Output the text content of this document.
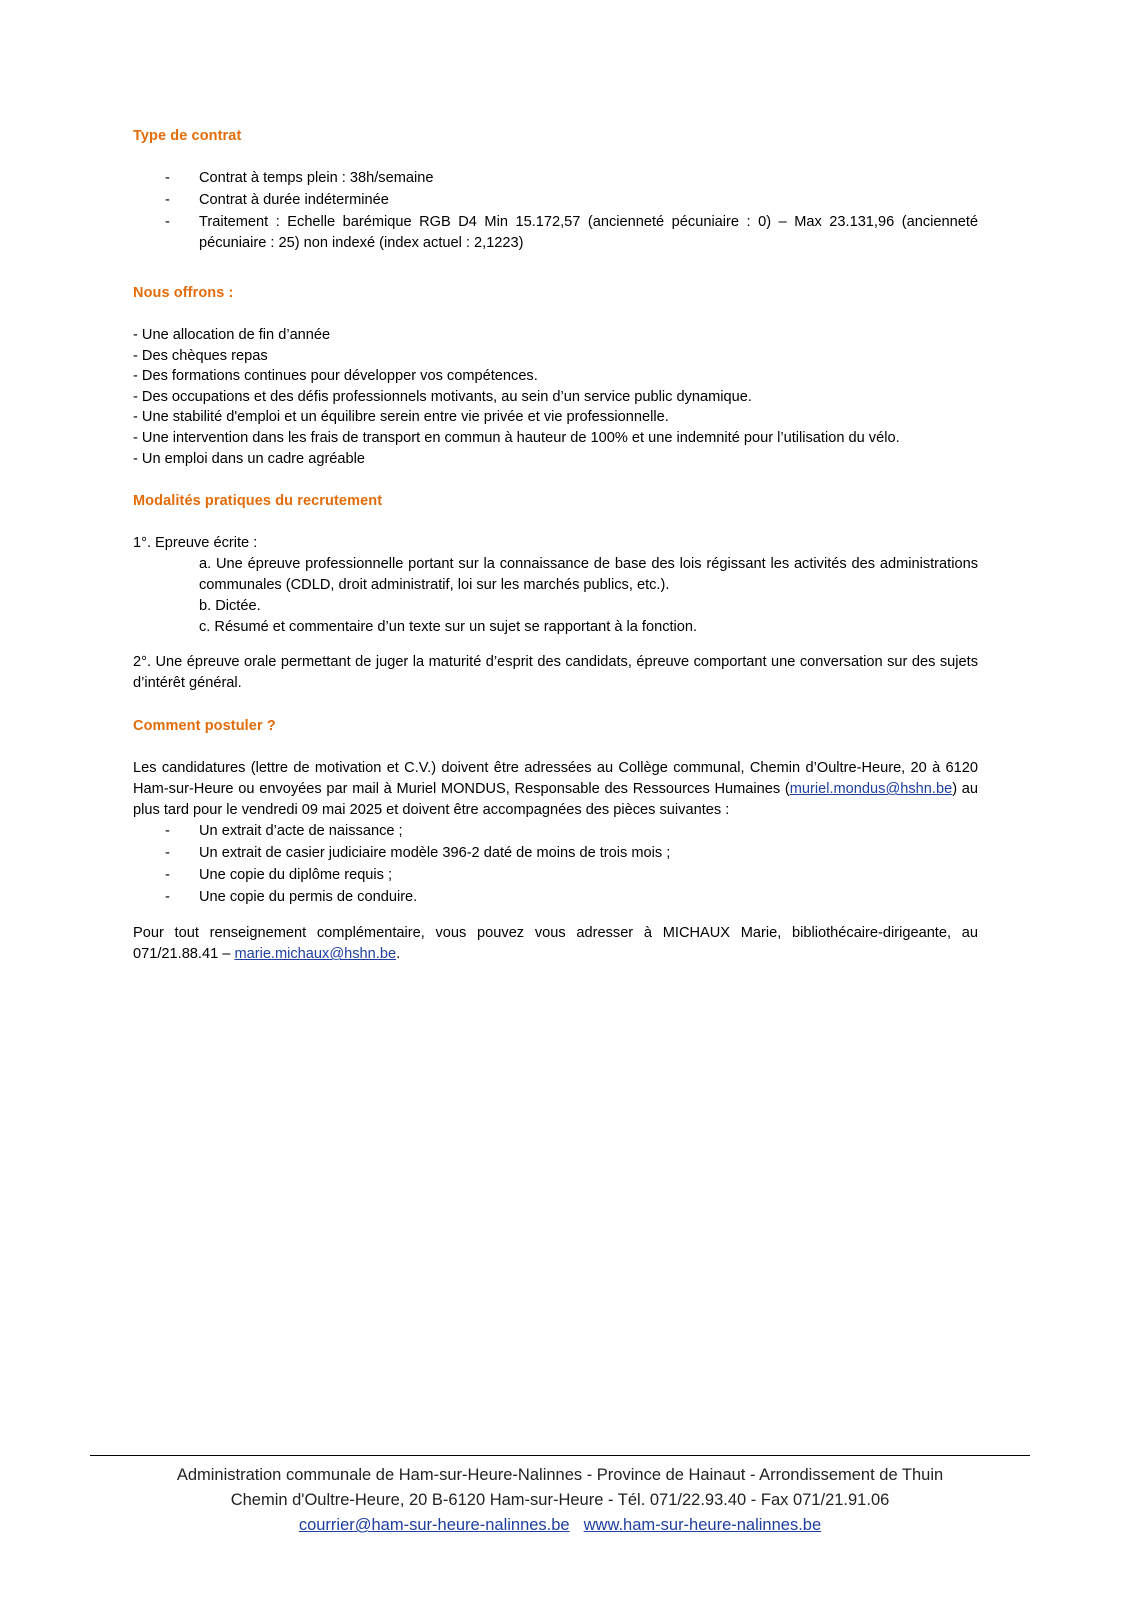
Type de contrat
- Contrat à temps plein : 38h/semaine
- Contrat à durée indéterminée
- Traitement : Echelle barémique RGB D4 Min 15.172,57 (ancienneté pécuniaire : 0) – Max 23.131,96 (ancienneté pécuniaire : 25) non indexé (index actuel : 2,1223)
Nous offrons :

- Une allocation de fin d’année

- Des chèques repas

- Des formations continues pour développer vos compétences.

- Des occupations et des défis professionnels motivants, au sein d’un service public dynamique.

- Une stabilité d'emploi et un équilibre serein entre vie privée et vie professionnelle.

- Une intervention dans les frais de transport en commun à hauteur de 100% et une indemnité pour l’utilisation du vélo.

- Un emploi dans un cadre agréable

Modalités pratiques du recrutement

1°. Epreuve écrite :

a. Une épreuve professionnelle portant sur la connaissance de base des lois régissant les activités des administrations communales (CDLD, droit administratif, loi sur les marchés publics, etc.).

b. Dictée.

c. Résumé et commentaire d’un texte sur un sujet se rapportant à la fonction.

2°. Une épreuve orale permettant de juger la maturité d’esprit des candidats, épreuve comportant une conversation sur des sujets d’intérêt général.

Comment postuler ?

Les candidatures (lettre de motivation et C.V.) doivent être adressées au Collège communal, Chemin d’Oultre-Heure, 20 à 6120 Ham-sur-Heure ou envoyées par mail à Muriel MONDUS, Responsable des Ressources Humaines (muriel.mondus@hshn.be) au plus tard pour le vendredi 09 mai 2025 et doivent être accompagnées des pièces suivantes :

- Un extrait d’acte de naissance ;
- Un extrait de casier judiciaire modèle 396-2 daté de moins de trois mois ;
- Une copie du diplôme requis ;
- Une copie du permis de conduire.

Pour tout renseignement complémentaire, vous pouvez vous adresser à MICHAUX Marie, bibliothécaire-dirigeante, au 071/21.88.41 – marie.michaux@hshn.be.

Administration communale de Ham-sur-Heure-Nalinnes - Province de Hainaut - Arrondissement de Thuin
Chemin d'Oultre-Heure, 20 B-6120 Ham-sur-Heure - Tél. 071/22.93.40 - Fax 071/21.91.06
courrier@ham-sur-heure-nalinnes.be www.ham-sur-heure-nalinnes.be
